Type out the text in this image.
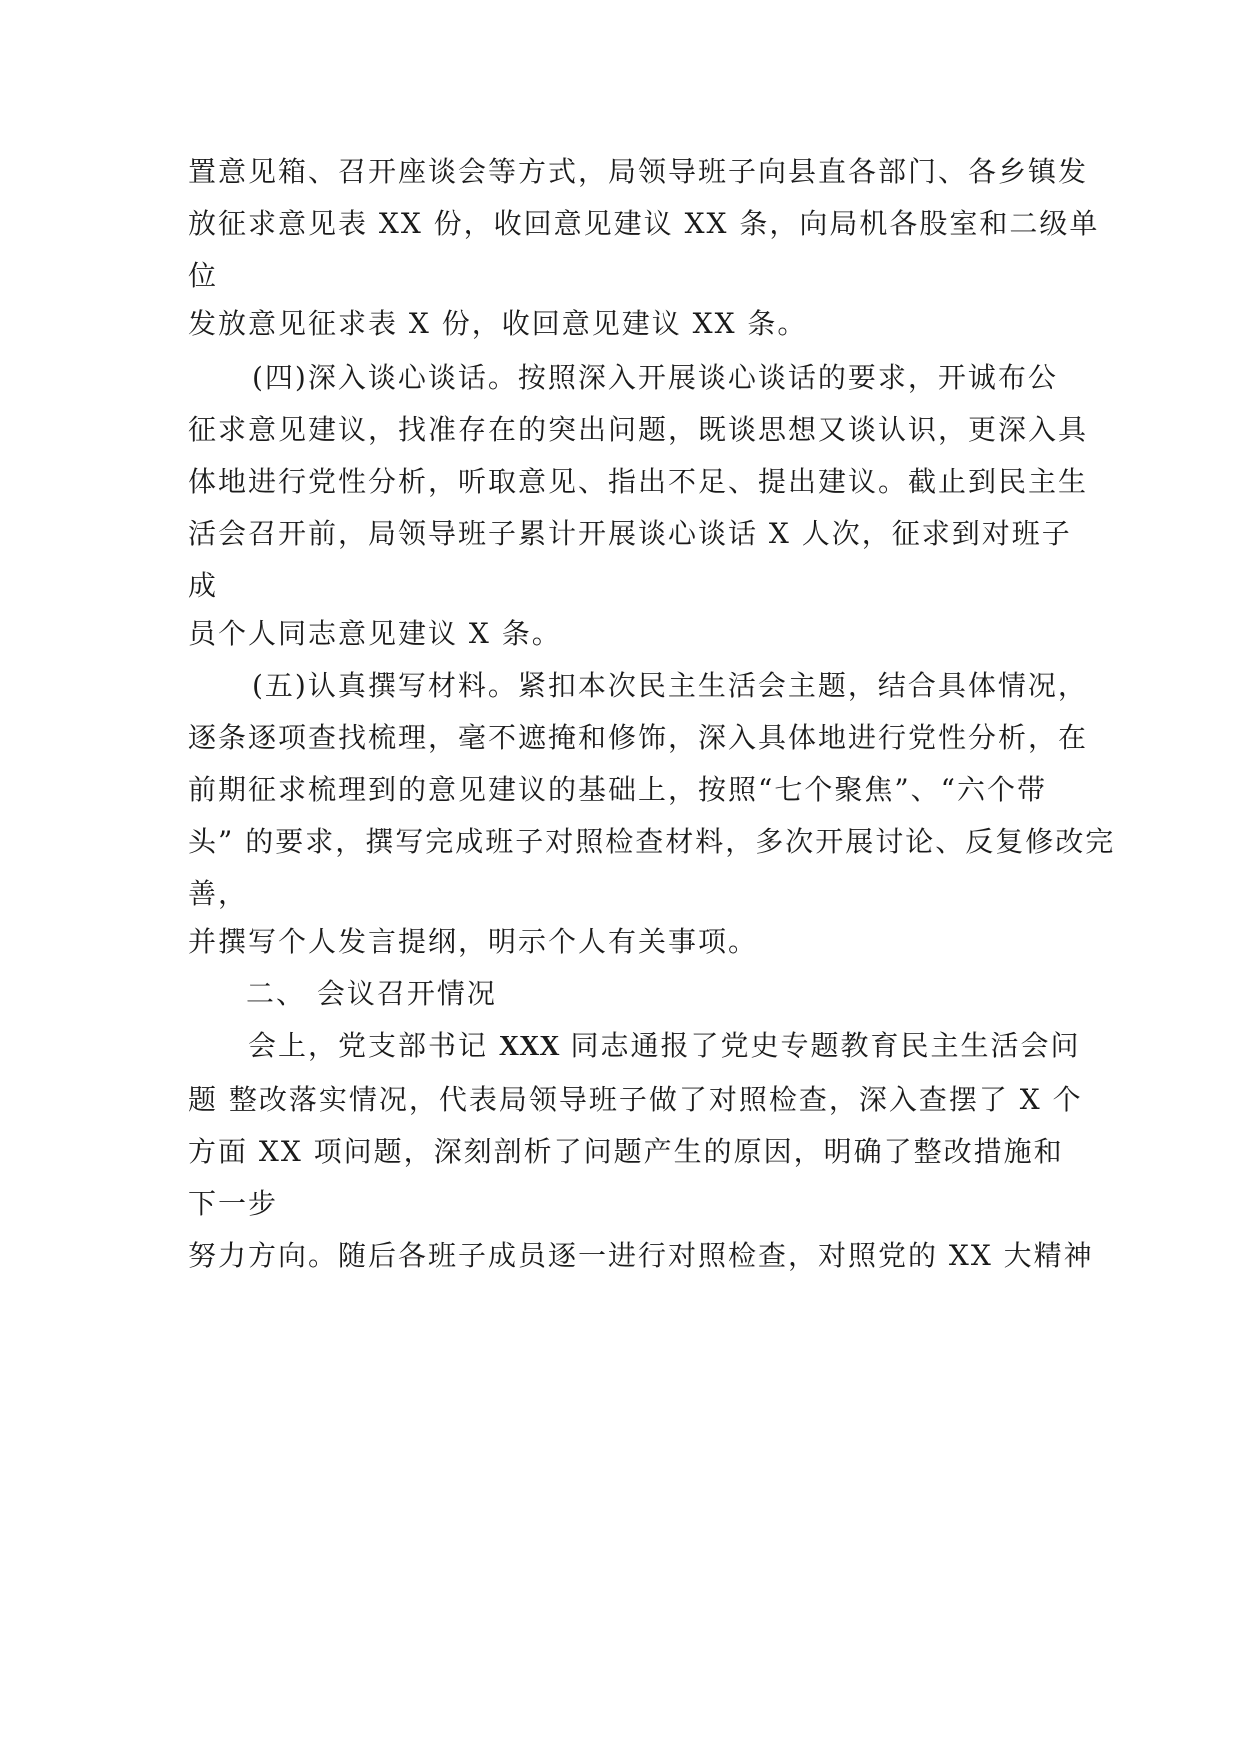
置意见箱、召开座谈会等方式，局领导班子向县直各部门、各乡镇发
放征求意见表 XX 份，收回意见建议 XX 条，向局机各股室和二级单
位
发放意见征求表 X 份，收回意见建议 XX 条。
(四)深入谈心谈话。按照深入开展谈心谈话的要求，开诚布公
征求意见建议，找准存在的突出问题，既谈思想又谈认识，更深入具
体地进行党性分析，听取意见、指出不足、提出建议。截止到民主生
活会召开前，局领导班子累计开展谈心谈话 X 人次，征求到对班子
成
员个人同志意见建议 X 条。
(五)认真撰写材料。紧扣本次民主生活会主题，结合具体情况，
逐条逐项查找梳理，毫不遮掩和修饰，深入具体地进行党性分析，在
前期征求梳理到的意见建议的基础上，按照“七个聚焦”、“六个带
头” 的要求，撰写完成班子对照检查材料，多次开展讨论、反复修改完
善，
并撰写个人发言提纲，明示个人有关事项。
二、 会议召开情况
会上，党支部书记 XXX 同志通报了党史专题教育民主生活会问
题 整改落实情况，代表局领导班子做了对照检查，深入查摆了 X 个
方面 XX 项问题，深刻剖析了问题产生的原因，明确了整改措施和
下一步
努力方向。随后各班子成员逐一进行对照检查，对照党的 XX 大精神
